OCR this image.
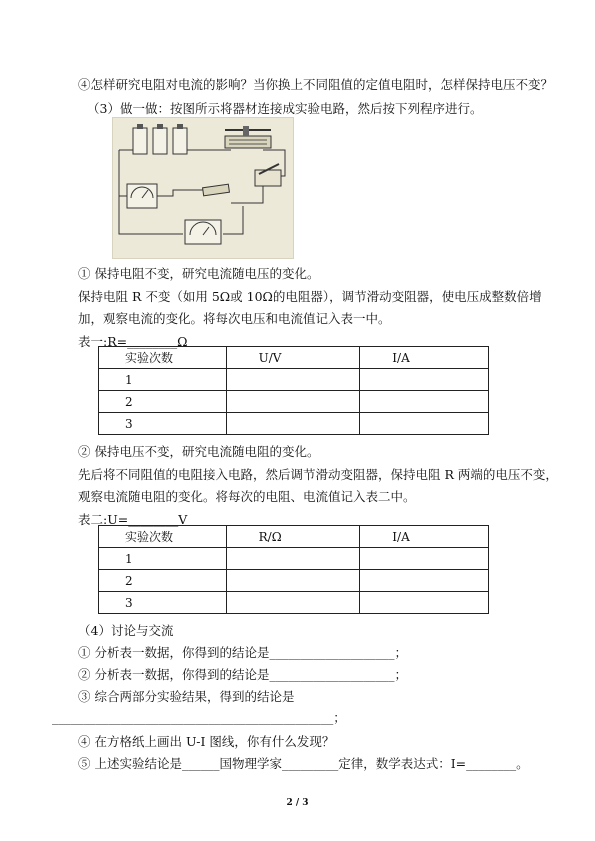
④怎样研究电阻对电流的影响？当你换上不同阻值的定值电阻时，怎样保持电压不变？
（3）做一做：按图所示将器材连接成实验电路，然后按下列程序进行。
① 保持电阻不变，研究电流随电压的变化。
保持电阻 R 不变（如用 5Ω或 10Ω的电阻器），调节滑动变阻器，使电压成整数倍增
加，观察电流的变化。将每次电压和电流值记入表一中。
表一:R=________Ω
实验次数	U/V	I/A
1		
2		
3		
② 保持电压不变，研究电流随电阻的变化。
先后将不同阻值的电阻接入电路，然后调节滑动变阻器，保持电阻 R 两端的电压不变，
观察电流随电阻的变化。将每次的电阻、电流值记入表二中。
表二:U=________V
实验次数	R/Ω	I/A
1		
2		
3		
（4）讨论与交流
① 分析表一数据，你得到的结论是____________________；
② 分析表一数据，你得到的结论是____________________；
③ 综合两部分实验结果，得到的结论是
_____________________________________________；
④ 在方格纸上画出 U-I 图线，你有什么发现？
⑤ 上述实验结论是______国物理学家_________定律，数学表达式：I=________。
2 / 3
